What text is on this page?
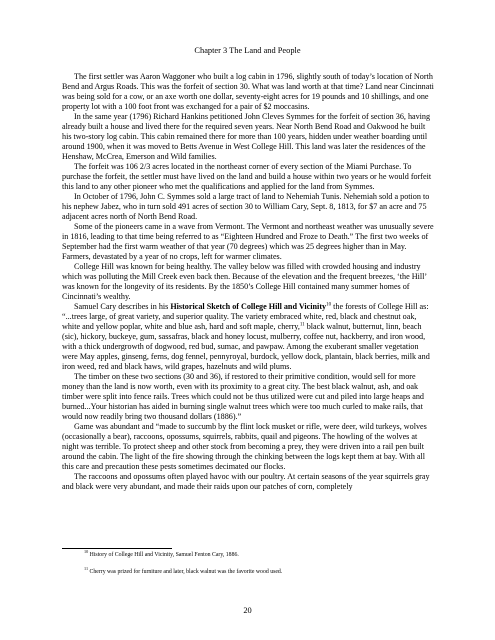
Chapter 3 The Land and People

The first settler was Aaron Waggoner who built a log cabin in 1796, slightly south of today’s location of North Bend and Argus Roads. This was the forfeit of section 30. What was land worth at that time? Land near Cincinnati was being sold for a cow, or an axe worth one dollar, seventy-eight acres for 19 pounds and 10 shillings, and one property lot with a 100 foot front was exchanged for a pair of $2 moccasins.

In the same year (1796) Richard Hankins petitioned John Cleves Symmes for the forfeit of section 36, having already built a house and lived there for the required seven years. Near North Bend Road and Oakwood he built his two-story log cabin. This cabin remained there for more than 100 years, hidden under weather boarding until around 1900, when it was moved to Betts Avenue in West College Hill. This land was later the residences of the Henshaw, McCrea, Emerson and Wild families.

The forfeit was 106 2/3 acres located in the northeast corner of every section of the Miami Purchase. To purchase the forfeit, the settler must have lived on the land and build a house within two years or he would forfeit this land to any other pioneer who met the qualifications and applied for the land from Symmes.

In October of 1796, John C. Symmes sold a large tract of land to Nehemiah Tunis. Nehemiah sold a potion to his nephew Jabez, who in turn sold 491 acres of section 30 to William Cary, Sept. 8, 1813, for $7 an acre and 75 adjacent acres north of North Bend Road.

Some of the pioneers came in a wave from Vermont. The Vermont and northeast weather was unusually severe in 1816, leading to that time being referred to as “Eighteen Hundred and Froze to Death.” The first two weeks of September had the first warm weather of that year (70 degrees) which was 25 degrees higher than in May. Farmers, devastated by a year of no crops, left for warmer climates.

College Hill was known for being healthy. The valley below was filled with crowded housing and industry which was polluting the Mill Creek even back then. Because of the elevation and the frequent breezes, ‘the Hill’ was known for the longevity of its residents. By the 1850’s College Hill contained many summer homes of Cincinnati’s wealthy.

Samuel Cary describes in his Historical Sketch of College Hill and Vicinity$^{10}$ the forests of College Hill as: “...trees large, of great variety, and superior quality. The variety embraced white, red, black and chestnut oak, white and yellow poplar, white and blue ash, hard and soft maple, cherry,$^{11}$ black walnut, butternut, linn, beach (sic), hickory, buckeye, gum, sassafras, black and honey locust, mulberry, coffee nut, hackberry, and iron wood, with a thick undergrowth of dogwood, red bud, sumac, and pawpaw. Among the exuberant smaller vegetation were May apples, ginseng, ferns, dog fennel, pennyroyal, burdock, yellow dock, plantain, black berries, milk and iron weed, red and black haws, wild grapes, hazelnuts and wild plums.

The timber on these two sections (30 and 36), if restored to their primitive condition, would sell for more money than the land is now worth, even with its proximity to a great city. The best black walnut, ash, and oak timber were split into fence rails. Trees which could not be thus utilized were cut and piled into large heaps and burned...Your historian has aided in burning single walnut trees which were too much curled to make rails, that would now readily bring two thousand dollars (1886).”

Game was abundant and “made to succumb by the flint lock musket or rifle, were deer, wild turkeys, wolves (occasionally a bear), raccoons, opossums, squirrels, rabbits, quail and pigeons. The howling of the wolves at night was terrible. To protect sheep and other stock from becoming a prey, they were driven into a rail pen built around the cabin. The light of the fire showing through the chinking between the logs kept them at bay. With all this care and precaution these pests sometimes decimated our flocks.

The raccoons and opossums often played havoc with our poultry. At certain seasons of the year squirrels gray and black were very abundant, and made their raids upon our patches of corn, completely

$^{10}$ History of College Hill and Vicinity, Samuel Fenton Cary, 1886.
$^{11}$ Cherry was prized for furniture and later, black walnut was the favorite wood used.
20
